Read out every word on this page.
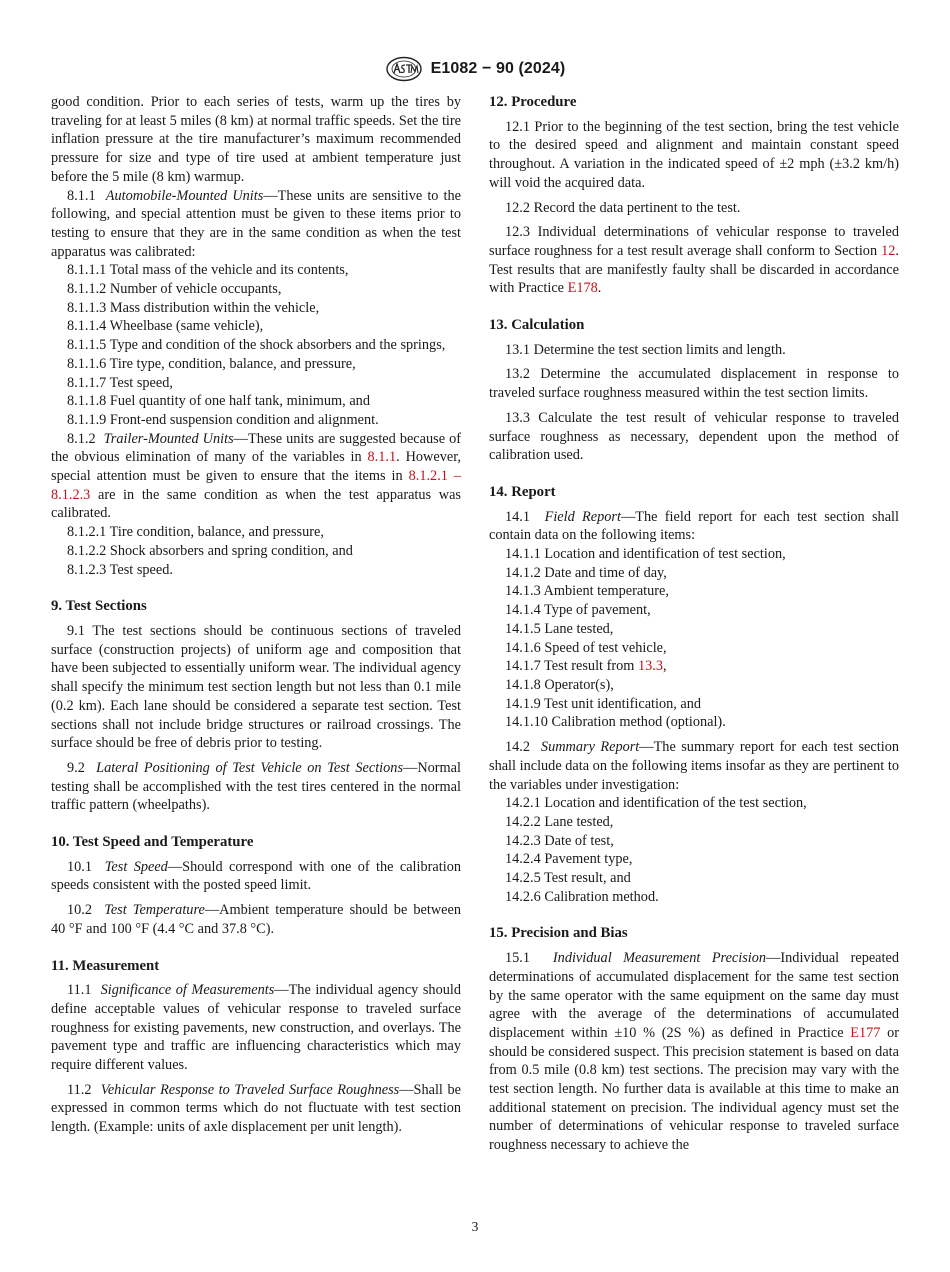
E1082 − 90 (2024)

good condition. Prior to each series of tests, warm up the tires by traveling for at least 5 miles (8 km) at normal traffic speeds. Set the tire inflation pressure at the tire manufacturer’s maximum recommended pressure for size and type of tire used at ambient temperature just before the 5 mile (8 km) warmup.

8.1.1 Automobile-Mounted Units—These units are sensitive to the following, and special attention must be given to these items prior to testing to ensure that they are in the same condition as when the test apparatus was calibrated:

8.1.1.1 Total mass of the vehicle and its contents,

8.1.1.2 Number of vehicle occupants,

8.1.1.3 Mass distribution within the vehicle,

8.1.1.4 Wheelbase (same vehicle),

8.1.1.5 Type and condition of the shock absorbers and the springs,

8.1.1.6 Tire type, condition, balance, and pressure,

8.1.1.7 Test speed,

8.1.1.8 Fuel quantity of one half tank, minimum, and

8.1.1.9 Front-end suspension condition and alignment.

8.1.2 Trailer-Mounted Units—These units are suggested because of the obvious elimination of many of the variables in 8.1.1. However, special attention must be given to ensure that the items in 8.1.2.1 – 8.1.2.3 are in the same condition as when the test apparatus was calibrated.

8.1.2.1 Tire condition, balance, and pressure,

8.1.2.2 Shock absorbers and spring condition, and

8.1.2.3 Test speed.

9. Test Sections

9.1 The test sections should be continuous sections of traveled surface (construction projects) of uniform age and composition that have been subjected to essentially uniform wear. The individual agency shall specify the minimum test section length but not less than 0.1 mile (0.2 km). Each lane should be considered a separate test section. Test sections shall not include bridge structures or railroad crossings. The surface should be free of debris prior to testing.

9.2 Lateral Positioning of Test Vehicle on Test Sections—Normal testing shall be accomplished with the test tires centered in the normal traffic pattern (wheelpaths).

10. Test Speed and Temperature

10.1 Test Speed—Should correspond with one of the calibration speeds consistent with the posted speed limit.

10.2 Test Temperature—Ambient temperature should be between 40 °F and 100 °F (4.4 °C and 37.8 °C).

11. Measurement

11.1 Significance of Measurements—The individual agency should define acceptable values of vehicular response to traveled surface roughness for existing pavements, new construction, and overlays. The pavement type and traffic are influencing characteristics which may require different values.

11.2 Vehicular Response to Traveled Surface Roughness—Shall be expressed in common terms which do not fluctuate with test section length. (Example: units of axle displacement per unit length).

12. Procedure

12.1 Prior to the beginning of the test section, bring the test vehicle to the desired speed and alignment and maintain constant speed throughout. A variation in the indicated speed of ±2 mph (±3.2 km/h) will void the acquired data.

12.2 Record the data pertinent to the test.

12.3 Individual determinations of vehicular response to traveled surface roughness for a test result average shall conform to Section 12. Test results that are manifestly faulty shall be discarded in accordance with Practice E178.

13. Calculation

13.1 Determine the test section limits and length.

13.2 Determine the accumulated displacement in response to traveled surface roughness measured within the test section limits.

13.3 Calculate the test result of vehicular response to traveled surface roughness as necessary, dependent upon the method of calibration used.

14. Report

14.1 Field Report—The field report for each test section shall contain data on the following items:

14.1.1 Location and identification of test section,

14.1.2 Date and time of day,

14.1.3 Ambient temperature,

14.1.4 Type of pavement,

14.1.5 Lane tested,

14.1.6 Speed of test vehicle,

14.1.7 Test result from 13.3,

14.1.8 Operator(s),

14.1.9 Test unit identification, and

14.1.10 Calibration method (optional).

14.2 Summary Report—The summary report for each test section shall include data on the following items insofar as they are pertinent to the variables under investigation:

14.2.1 Location and identification of the test section,

14.2.2 Lane tested,

14.2.3 Date of test,

14.2.4 Pavement type,

14.2.5 Test result, and

14.2.6 Calibration method.

15. Precision and Bias

15.1 Individual Measurement Precision—Individual repeated determinations of accumulated displacement for the same test section by the same operator with the same equipment on the same day must agree with the average of the determinations of accumulated displacement within ±10 % (2S %) as defined in Practice E177 or should be considered suspect. This precision statement is based on data from 0.5 mile (0.8 km) test sections. The precision may vary with the test section length. No further data is available at this time to make an additional statement on precision. The individual agency must set the number of determinations of vehicular response to traveled surface roughness necessary to achieve the

3
